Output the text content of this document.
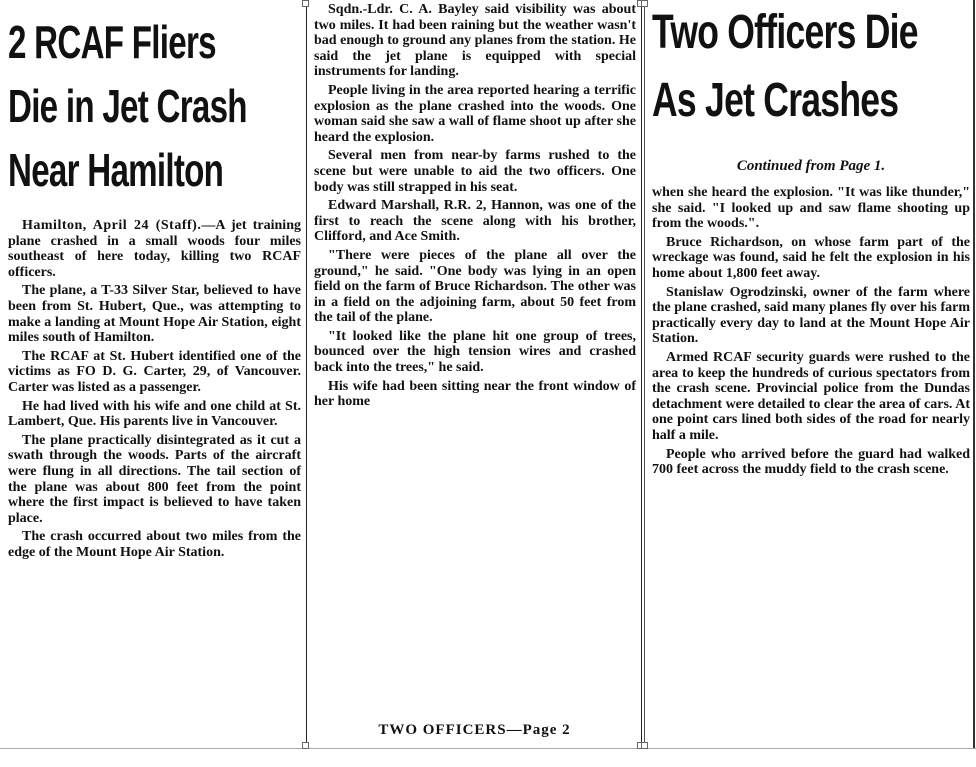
2 RCAF Fliers
Die in Jet Crash
Near Hamilton

Hamilton, April 24 (Staff).—A jet training plane crashed in a small woods four miles southeast of here today, killing two RCAF officers.

The plane, a T-33 Silver Star, believed to have been from St. Hubert, Que., was attempting to make a landing at Mount Hope Air Station, eight miles south of Hamilton.

The RCAF at St. Hubert identified one of the victims as FO D. G. Carter, 29, of Vancouver. Carter was listed as a passenger.

He had lived with his wife and one child at St. Lambert, Que. His parents live in Vancouver.

The plane practically disintegrated as it cut a swath through the woods. Parts of the aircraft were flung in all directions. The tail section of the plane was about 800 feet from the point where the first impact is believed to have taken place.

The crash occurred about two miles from the edge of the Mount Hope Air Station.

Sqdn.-Ldr. C. A. Bayley said visibility was about two miles. It had been raining but the weather wasn't bad enough to ground any planes from the station. He said the jet plane is equipped with special instruments for landing.

People living in the area reported hearing a terrific explosion as the plane crashed into the woods. One woman said she saw a wall of flame shoot up after she heard the explosion.

Several men from near-by farms rushed to the scene but were unable to aid the two officers. One body was still strapped in his seat.

Edward Marshall, R.R. 2, Hannon, was one of the first to reach the scene along with his brother, Clifford, and Ace Smith.

"There were pieces of the plane all over the ground," he said. "One body was lying in an open field on the farm of Bruce Richardson. The other was in a field on the adjoining farm, about 50 feet from the tail of the plane.

"It looked like the plane hit one group of trees, bounced over the high tension wires and crashed back into the trees," he said.

His wife had been sitting near the front window of her home

TWO OFFICERS—Page 2
Two Officers Die
As Jet Crashes
Continued from Page 1.

when she heard the explosion. "It was like thunder," she said. "I looked up and saw flame shooting up from the woods.".

Bruce Richardson, on whose farm part of the wreckage was found, said he felt the explosion in his home about 1,800 feet away.

Stanislaw Ogrodzinski, owner of the farm where the plane crashed, said many planes fly over his farm practically every day to land at the Mount Hope Air Station.

Armed RCAF security guards were rushed to the area to keep the hundreds of curious spectators from the crash scene. Provincial police from the Dundas detachment were detailed to clear the area of cars. At one point cars lined both sides of the road for nearly half a mile.

People who arrived before the guard had walked 700 feet across the muddy field to the crash scene.
